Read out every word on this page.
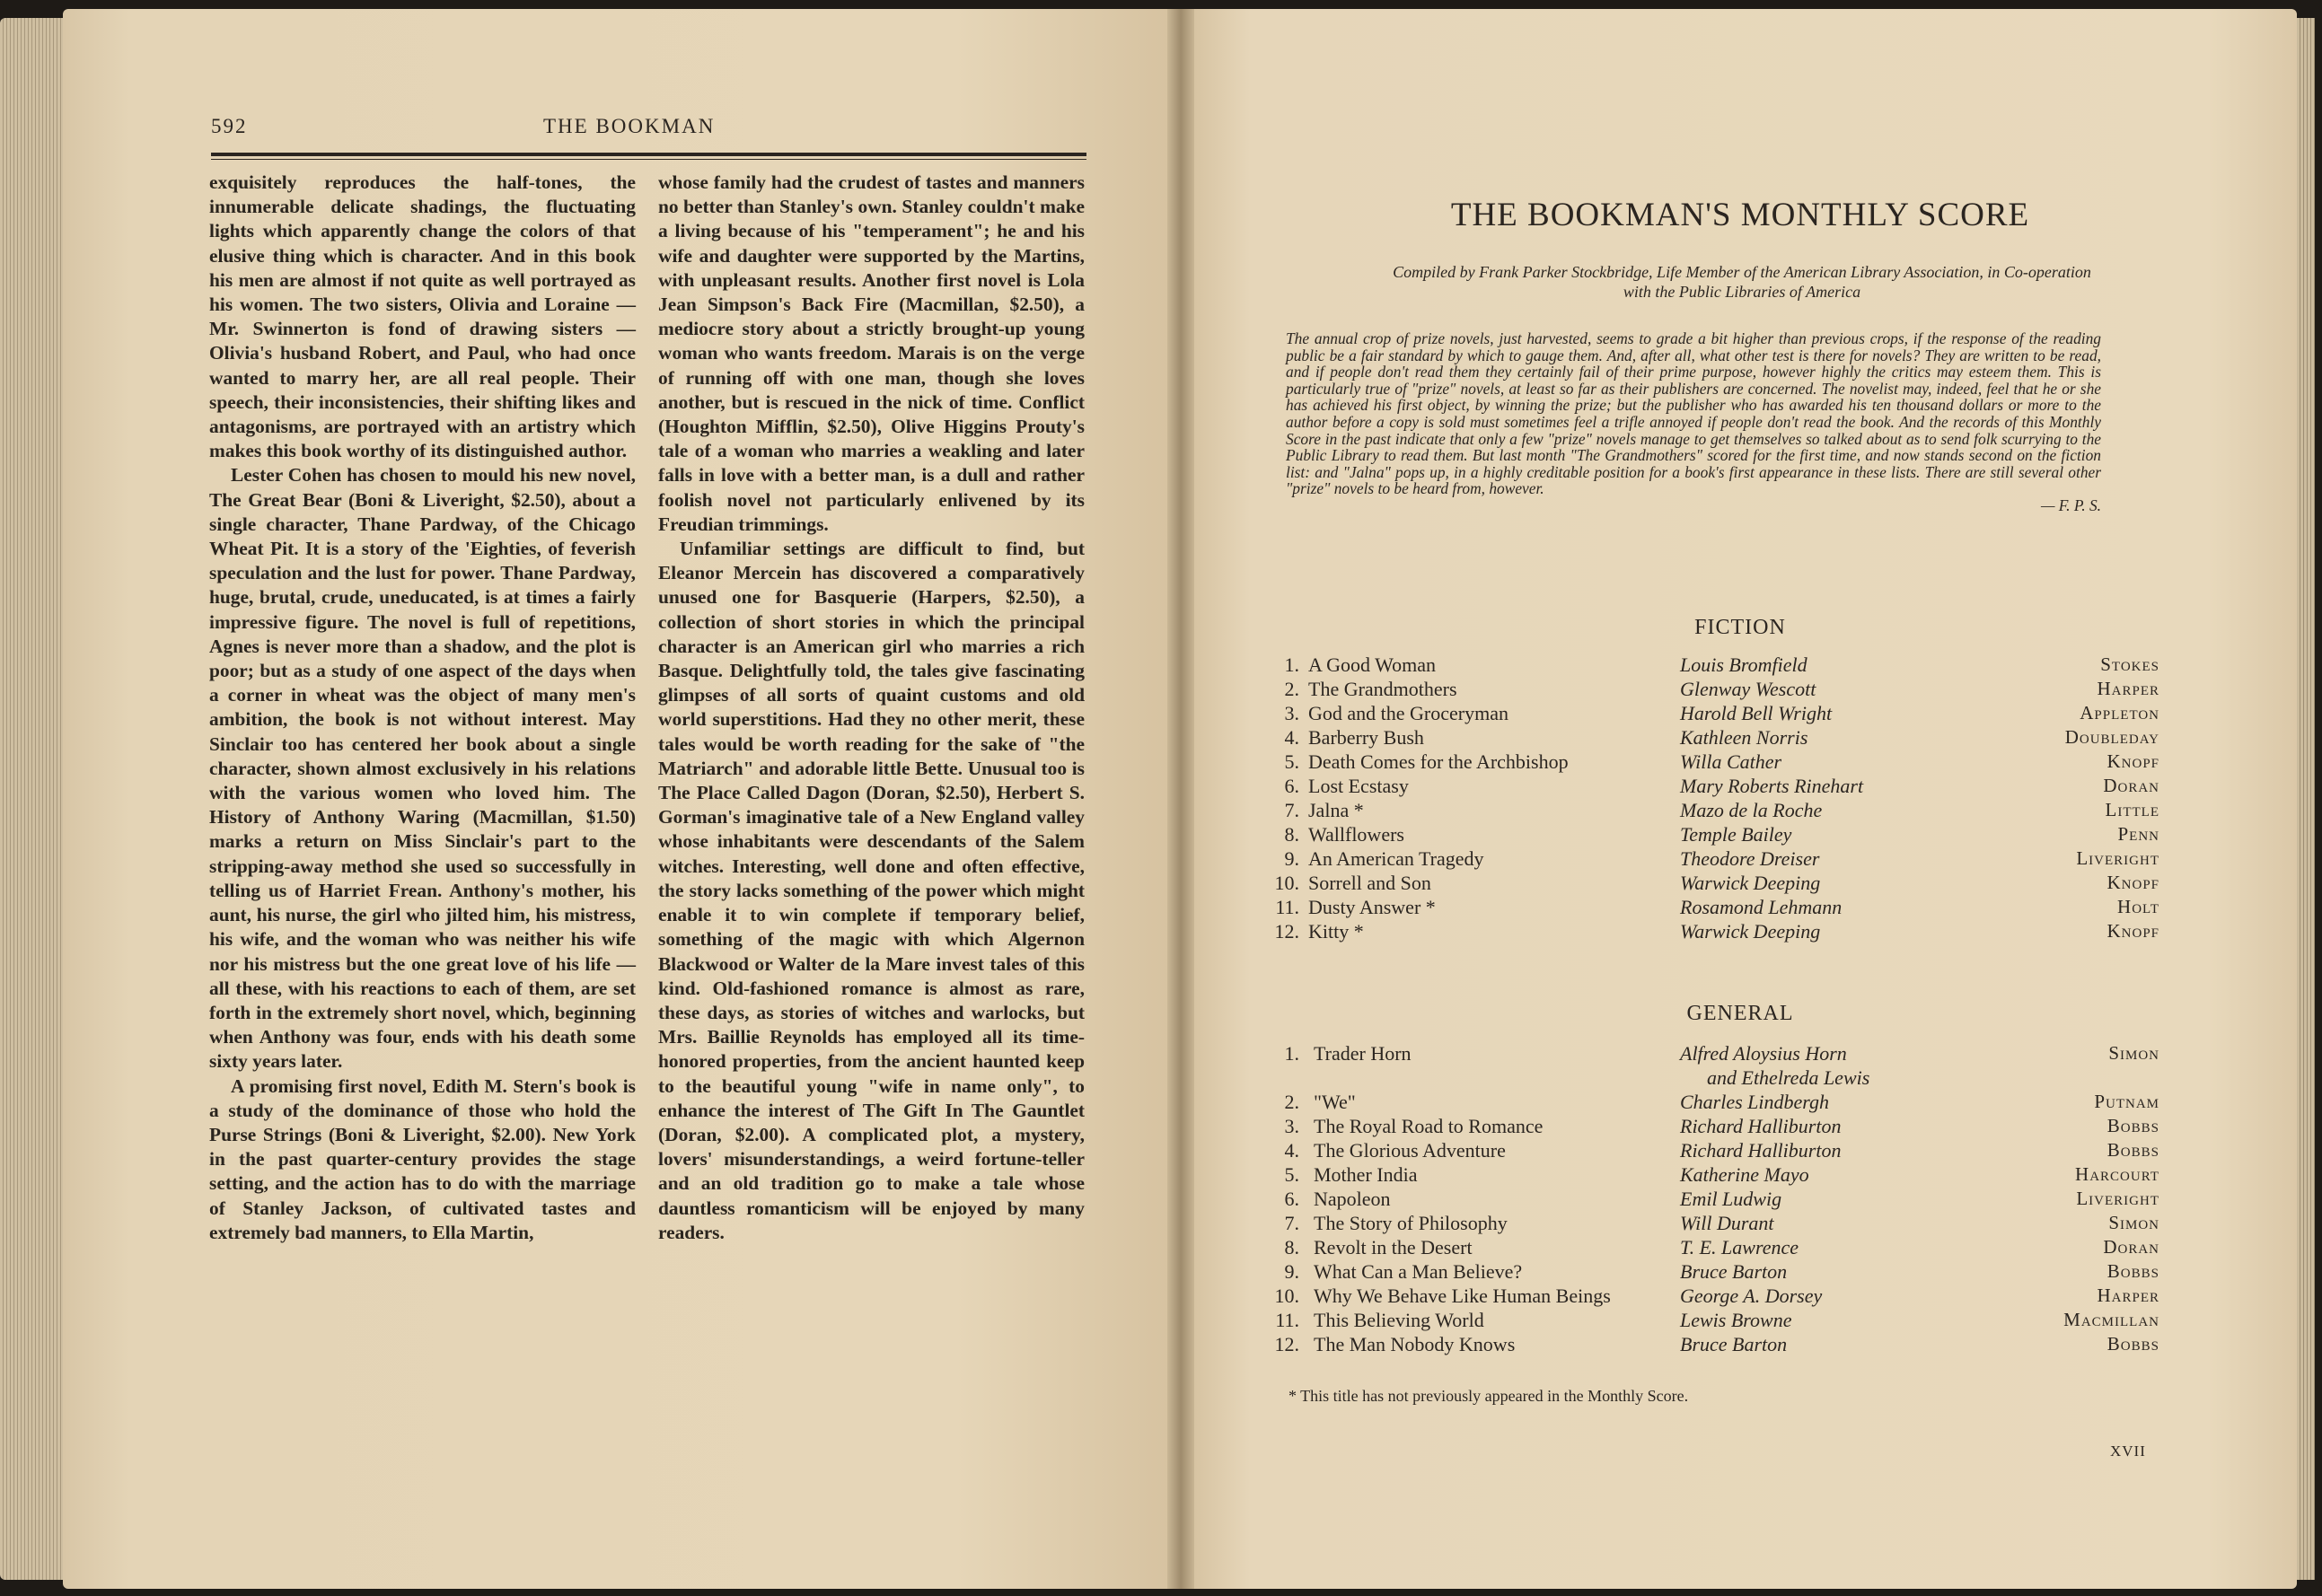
592	THE BOOKMAN

exquisitely reproduces the half-tones, the innumerable delicate shadings, the fluctuating lights which apparently change the colors of that elusive thing which is character. And in this book his men are almost if not quite as well portrayed as his women. The two sisters, Olivia and Loraine — Mr. Swinnerton is fond of drawing sisters — Olivia's husband Robert, and Paul, who had once wanted to marry her, are all real people. Their speech, their inconsistencies, their shifting likes and antagonisms, are portrayed with an artistry which makes this book worthy of its distinguished author.

Lester Cohen has chosen to mould his new novel, The Great Bear (Boni & Liveright, $2.50), about a single character, Thane Pardway, of the Chicago Wheat Pit. It is a story of the 'Eighties, of feverish speculation and the lust for power. Thane Pardway, huge, brutal, crude, uneducated, is at times a fairly impressive figure. The novel is full of repetitions, Agnes is never more than a shadow, and the plot is poor; but as a study of one aspect of the days when a corner in wheat was the object of many men's ambition, the book is not without interest. May Sinclair too has centered her book about a single character, shown almost exclusively in his relations with the various women who loved him. The History of Anthony Waring (Macmillan, $1.50) marks a return on Miss Sinclair's part to the stripping-away method she used so successfully in telling us of Harriet Frean. Anthony's mother, his aunt, his nurse, the girl who jilted him, his mistress, his wife, and the woman who was neither his wife nor his mistress but the one great love of his life — all these, with his reactions to each of them, are set forth in the extremely short novel, which, beginning when Anthony was four, ends with his death some sixty years later.

A promising first novel, Edith M. Stern's book is a study of the dominance of those who hold the Purse Strings (Boni & Liveright, $2.00). New York in the past quarter-century provides the stage setting, and the action has to do with the marriage of Stanley Jackson, of cultivated tastes and extremely bad manners, to Ella Martin,

whose family had the crudest of tastes and manners no better than Stanley's own. Stanley couldn't make a living because of his "temperament"; he and his wife and daughter were supported by the Martins, with unpleasant results. Another first novel is Lola Jean Simpson's Back Fire (Macmillan, $2.50), a mediocre story about a strictly brought-up young woman who wants freedom. Marais is on the verge of running off with one man, though she loves another, but is rescued in the nick of time. Conflict (Houghton Mifflin, $2.50), Olive Higgins Prouty's tale of a woman who marries a weakling and later falls in love with a better man, is a dull and rather foolish novel not particularly enlivened by its Freudian trimmings.

Unfamiliar settings are difficult to find, but Eleanor Mercein has discovered a comparatively unused one for Basquerie (Harpers, $2.50), a collection of short stories in which the principal character is an American girl who marries a rich Basque. Delightfully told, the tales give fascinating glimpses of all sorts of quaint customs and old world superstitions. Had they no other merit, these tales would be worth reading for the sake of "the Matriarch" and adorable little Bette. Unusual too is The Place Called Dagon (Doran, $2.50), Herbert S. Gorman's imaginative tale of a New England valley whose inhabitants were descendants of the Salem witches. Interesting, well done and often effective, the story lacks something of the power which might enable it to win complete if temporary belief, something of the magic with which Algernon Blackwood or Walter de la Mare invest tales of this kind. Old-fashioned romance is almost as rare, these days, as stories of witches and warlocks, but Mrs. Baillie Reynolds has employed all its time-honored properties, from the ancient haunted keep to the beautiful young "wife in name only", to enhance the interest of The Gift In The Gauntlet (Doran, $2.00). A complicated plot, a mystery, lovers' misunderstandings, a weird fortune-teller and an old tradition go to make a tale whose dauntless romanticism will be enjoyed by many readers.

THE BOOKMAN'S MONTHLY SCORE
Compiled by Frank Parker Stockbridge, Life Member of the American Library Association, in Co-operation
with the Public Libraries of America
The annual crop of prize novels, just harvested, seems to grade a bit higher than previous crops, if the response of the reading public be a fair standard by which to gauge them. And, after all, what other test is there for novels? They are written to be read, and if people don't read them they certainly fail of their prime purpose, however highly the critics may esteem them. This is particularly true of "prize" novels, at least so far as their publishers are concerned. The novelist may, indeed, feel that he or she has achieved his first object, by winning the prize; but the publisher who has awarded his ten thousand dollars or more to the author before a copy is sold must sometimes feel a trifle annoyed if people don't read the book. And the records of this Monthly Score in the past indicate that only a few "prize" novels manage to get themselves so talked about as to send folk scurrying to the Public Library to read them. But last month "The Grandmothers" scored for the first time, and now stands second on the fiction list: and "Jalna" pops up, in a highly creditable position for a book's first appearance in these lists. There are still several other "prize" novels to be heard from, however.
— F. P. S.
FICTION
1. A Good Woman	Louis Bromfield	Stokes
2. The Grandmothers	Glenway Wescott	Harper
3. God and the Groceryman	Harold Bell Wright	Appleton
4. Barberry Bush	Kathleen Norris	Doubleday
5. Death Comes for the Archbishop	Willa Cather	Knopf
6. Lost Ecstasy	Mary Roberts Rinehart	Doran
7. Jalna *	Mazo de la Roche	Little
8. Wallflowers	Temple Bailey	Penn
9. An American Tragedy	Theodore Dreiser	Liveright
10. Sorrell and Son	Warwick Deeping	Knopf
11. Dusty Answer *	Rosamond Lehmann	Holt
12. Kitty *	Warwick Deeping	Knopf
GENERAL
1. Trader Horn	Alfred Aloysius Horn	Simon
and Ethelreda Lewis
2. "We"	Charles Lindbergh	Putnam
3. The Royal Road to Romance	Richard Halliburton	Bobbs
4. The Glorious Adventure	Richard Halliburton	Bobbs
5. Mother India	Katherine Mayo	Harcourt
6. Napoleon	Emil Ludwig	Liveright
7. The Story of Philosophy	Will Durant	Simon
8. Revolt in the Desert	T. E. Lawrence	Doran
9. What Can a Man Believe?	Bruce Barton	Bobbs
10. Why We Behave Like Human Beings	George A. Dorsey	Harper
11. This Believing World	Lewis Browne	Macmillan
12. The Man Nobody Knows	Bruce Barton	Bobbs
* This title has not previously appeared in the Monthly Score.
XVII
